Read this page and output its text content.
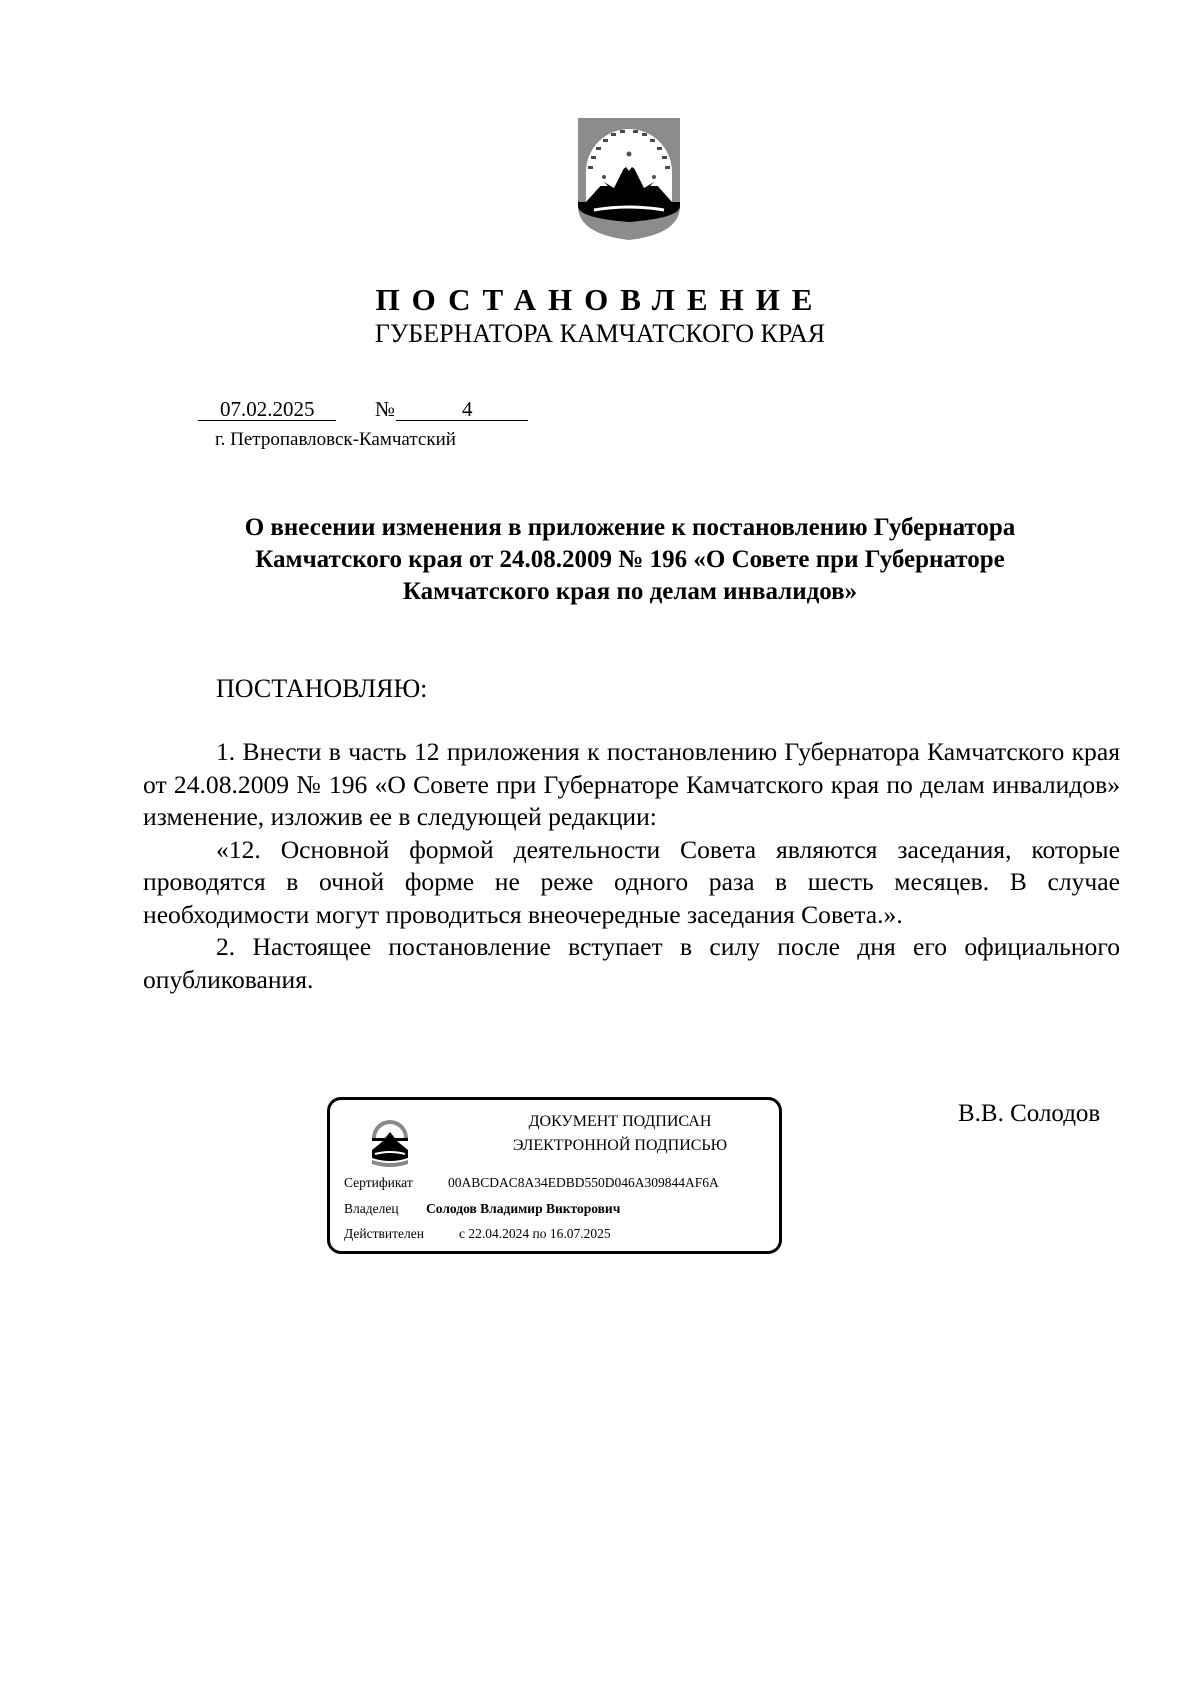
ПОСТАНОВЛЕНИЕ
ГУБЕРНАТОРА КАМЧАТСКОГО КРАЯ
07.02.2025	№	4
г. Петропавловск-Камчатский
О внесении изменения в приложение к постановлению Губернатора
Камчатского края от 24.08.2009 № 196 «О Совете при Губернаторе
Камчатского края по делам инвалидов»
ПОСТАНОВЛЯЮ:

1. Внести в часть 12 приложения к постановлению Губернатора Камчатского края от 24.08.2009 № 196 «О Совете при Губернаторе Камчатского края по делам инвалидов» изменение, изложив ее в следующей редакции:

«12. Основной формой деятельности Совета являются заседания, которые проводятся в очной форме не реже одного раза в шесть месяцев. В случае необходимости могут проводиться внеочередные заседания Совета.».

2. Настоящее постановление вступает в силу после дня его официального опубликования.

ДОКУМЕНТ ПОДПИСАН
ЭЛЕКТРОННОЙ ПОДПИСЬЮ
Сертификат	00ABCDAC8A34EDBD550D046A309844AF6A
Владелец Солодов Владимир Викторович
Действителен	с 22.04.2024 по 16.07.2025
В.В. Солодов
